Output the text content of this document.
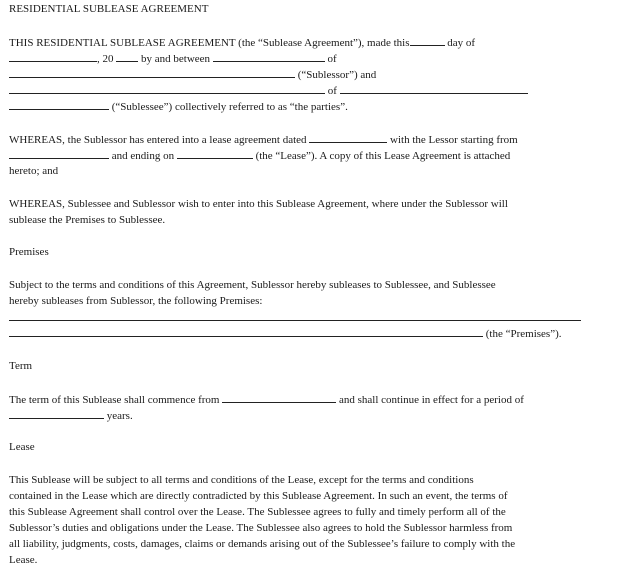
RESIDENTIAL SUBLEASE AGREEMENT
THIS RESIDENTIAL SUBLEASE AGREEMENT (the “Sublease Agreement”), made this	day of
, 20	by and between	of
(“Sublessor”) and
of
(“Sublessee”) collectively referred to as “the parties”.
WHEREAS, the Sublessor has entered into a lease agreement dated	with the Lessor starting from
and ending on	(the “Lease”). A copy of this Lease Agreement is attached
hereto; and
WHEREAS, Sublessee and Sublessor wish to enter into this Sublease Agreement, where under the Sublessor will
sublease the Premises to Sublessee.
Premises
Subject to the terms and conditions of this Agreement, Sublessor hereby subleases to Sublessee, and Sublessee
hereby subleases from Sublessor, the following Premises:
(the “Premises”).
Term
The term of this Sublease shall commence from	and shall continue in effect for a period of
years.
Lease
This Sublease will be subject to all terms and conditions of the Lease, except for the terms and conditions
contained in the Lease which are directly contradicted by this Sublease Agreement. In such an event, the terms of
this Sublease Agreement shall control over the Lease. The Sublessee agrees to fully and timely perform all of the
Sublessor’s duties and obligations under the Lease. The Sublessee also agrees to hold the Sublessor harmless from
all liability, judgments, costs, damages, claims or demands arising out of the Sublessee’s failure to comply with the
Lease.
